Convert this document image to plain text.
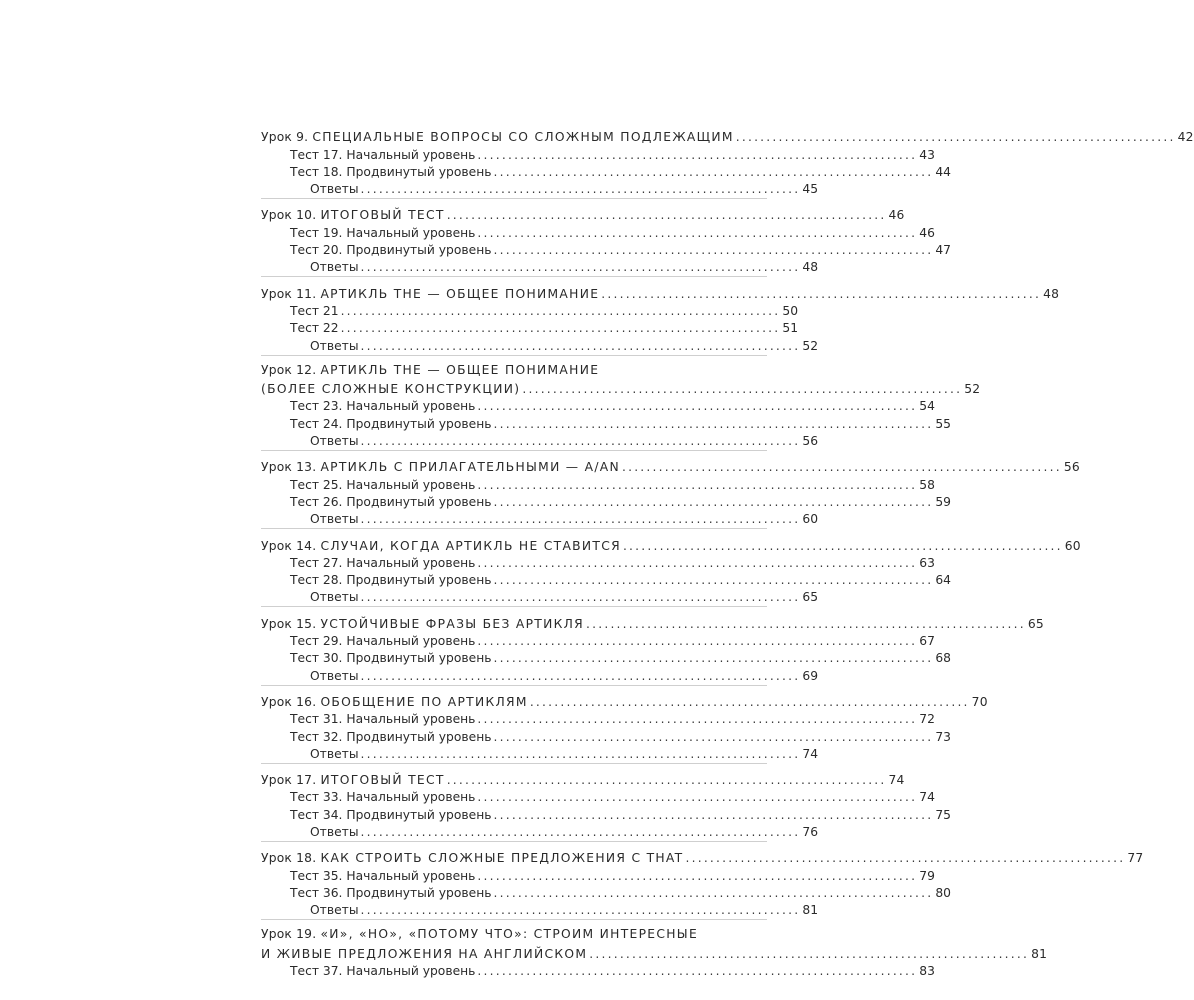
Урок 9.
СПЕЦИАЛЬНЫЕ ВОПРОСЫ СО СЛОЖНЫМ ПОДЛЕЖАЩИМ ........................................................................ 42
Тест 17. Начальный уровень ........................................................................ 43
Тест 18. Продвинутый уровень ........................................................................ 44
Ответы ........................................................................ 45
Урок 10.
ИТОГОВЫЙ ТЕСТ ........................................................................ 46
Тест 19. Начальный уровень ........................................................................ 46
Тест 20. Продвинутый уровень ........................................................................ 47
Ответы ........................................................................ 48
Урок 11.
АРТИКЛЬ THE — ОБЩЕЕ ПОНИМАНИЕ ........................................................................ 48
Тест 21 ........................................................................ 50
Тест 22 ........................................................................ 51
Ответы ........................................................................ 52
Урок 12. АРТИКЛЬ THE — ОБЩЕЕ ПОНИМАНИЕ
(БОЛЕЕ СЛОЖНЫЕ КОНСТРУКЦИИ) ........................................................................ 52
Тест 23. Начальный уровень ........................................................................ 54
Тест 24. Продвинутый уровень ........................................................................ 55
Ответы ........................................................................ 56
Урок 13.
АРТИКЛЬ С ПРИЛАГАТЕЛЬНЫМИ — A/AN ........................................................................ 56
Тест 25. Начальный уровень ........................................................................ 58
Тест 26. Продвинутый уровень ........................................................................ 59
Ответы ........................................................................ 60
Урок 14.
СЛУЧАИ, КОГДА АРТИКЛЬ НЕ СТАВИТСЯ ........................................................................ 60
Тест 27. Начальный уровень ........................................................................ 63
Тест 28. Продвинутый уровень ........................................................................ 64
Ответы ........................................................................ 65
Урок 15.
УСТОЙЧИВЫЕ ФРАЗЫ БЕЗ АРТИКЛЯ ........................................................................ 65
Тест 29. Начальный уровень ........................................................................ 67
Тест 30. Продвинутый уровень ........................................................................ 68
Ответы ........................................................................ 69
Урок 16.
ОБОБЩЕНИЕ ПО АРТИКЛЯМ ........................................................................ 70
Тест 31. Начальный уровень ........................................................................ 72
Тест 32. Продвинутый уровень ........................................................................ 73
Ответы ........................................................................ 74
Урок 17.
ИТОГОВЫЙ ТЕСТ ........................................................................ 74
Тест 33. Начальный уровень ........................................................................ 74
Тест 34. Продвинутый уровень ........................................................................ 75
Ответы ........................................................................ 76
Урок 18.
КАК СТРОИТЬ СЛОЖНЫЕ ПРЕДЛОЖЕНИЯ С THAT ........................................................................ 77
Тест 35. Начальный уровень ........................................................................ 79
Тест 36. Продвинутый уровень ........................................................................ 80
Ответы ........................................................................ 81
Урок 19. «И», «НО», «ПОТОМУ ЧТО»: СТРОИМ ИНТЕРЕСНЫЕ
И ЖИВЫЕ ПРЕДЛОЖЕНИЯ НА АНГЛИЙСКОМ ........................................................................ 81
Тест 37. Начальный уровень ........................................................................ 83
